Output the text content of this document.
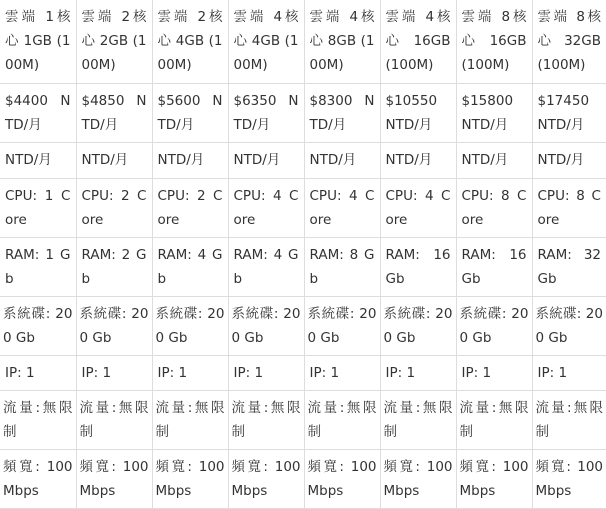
雲端 1核心 1GB (100M)	雲端 2核心 2GB (100M)	雲端 2核心 4GB (100M)	雲端 4核心 4GB (100M)	雲端 4核心 8GB (100M)	雲端 4核心 16GB (100M)	雲端 8核心 16GB (100M)	雲端 8核心 32GB (100M)
$4400 NTD/月	$4850 NTD/月	$5600 NTD/月	$6350 NTD/月	$8300 NTD/月	$10550 NTD/月	$15800 NTD/月	$17450 NTD/月
NTD/月	NTD/月	NTD/月	NTD/月	NTD/月	NTD/月	NTD/月	NTD/月
CPU: 1 Core	CPU: 2 Core	CPU: 2 Core	CPU: 4 Core	CPU: 4 Core	CPU: 4 Core	CPU: 8 Core	CPU: 8 Core
RAM: 1 Gb	RAM: 2 Gb	RAM: 4 Gb	RAM: 4 Gb	RAM: 8 Gb	RAM: 16 Gb	RAM: 16 Gb	RAM: 32 Gb
系統碟: 200 Gb	系統碟: 200 Gb	系統碟: 200 Gb	系統碟: 200 Gb	系統碟: 200 Gb	系統碟: 200 Gb	系統碟: 200 Gb	系統碟: 200 Gb
IP: 1	IP: 1	IP: 1	IP: 1	IP: 1	IP: 1	IP: 1	IP: 1
流量:無限制	流量:無限制	流量:無限制	流量:無限制	流量:無限制	流量:無限制	流量:無限制	流量:無限制
頻寬: 100Mbps	頻寬: 100Mbps	頻寬: 100Mbps	頻寬: 100Mbps	頻寬: 100Mbps	頻寬: 100Mbps	頻寬: 100Mbps	頻寬: 100Mbps
